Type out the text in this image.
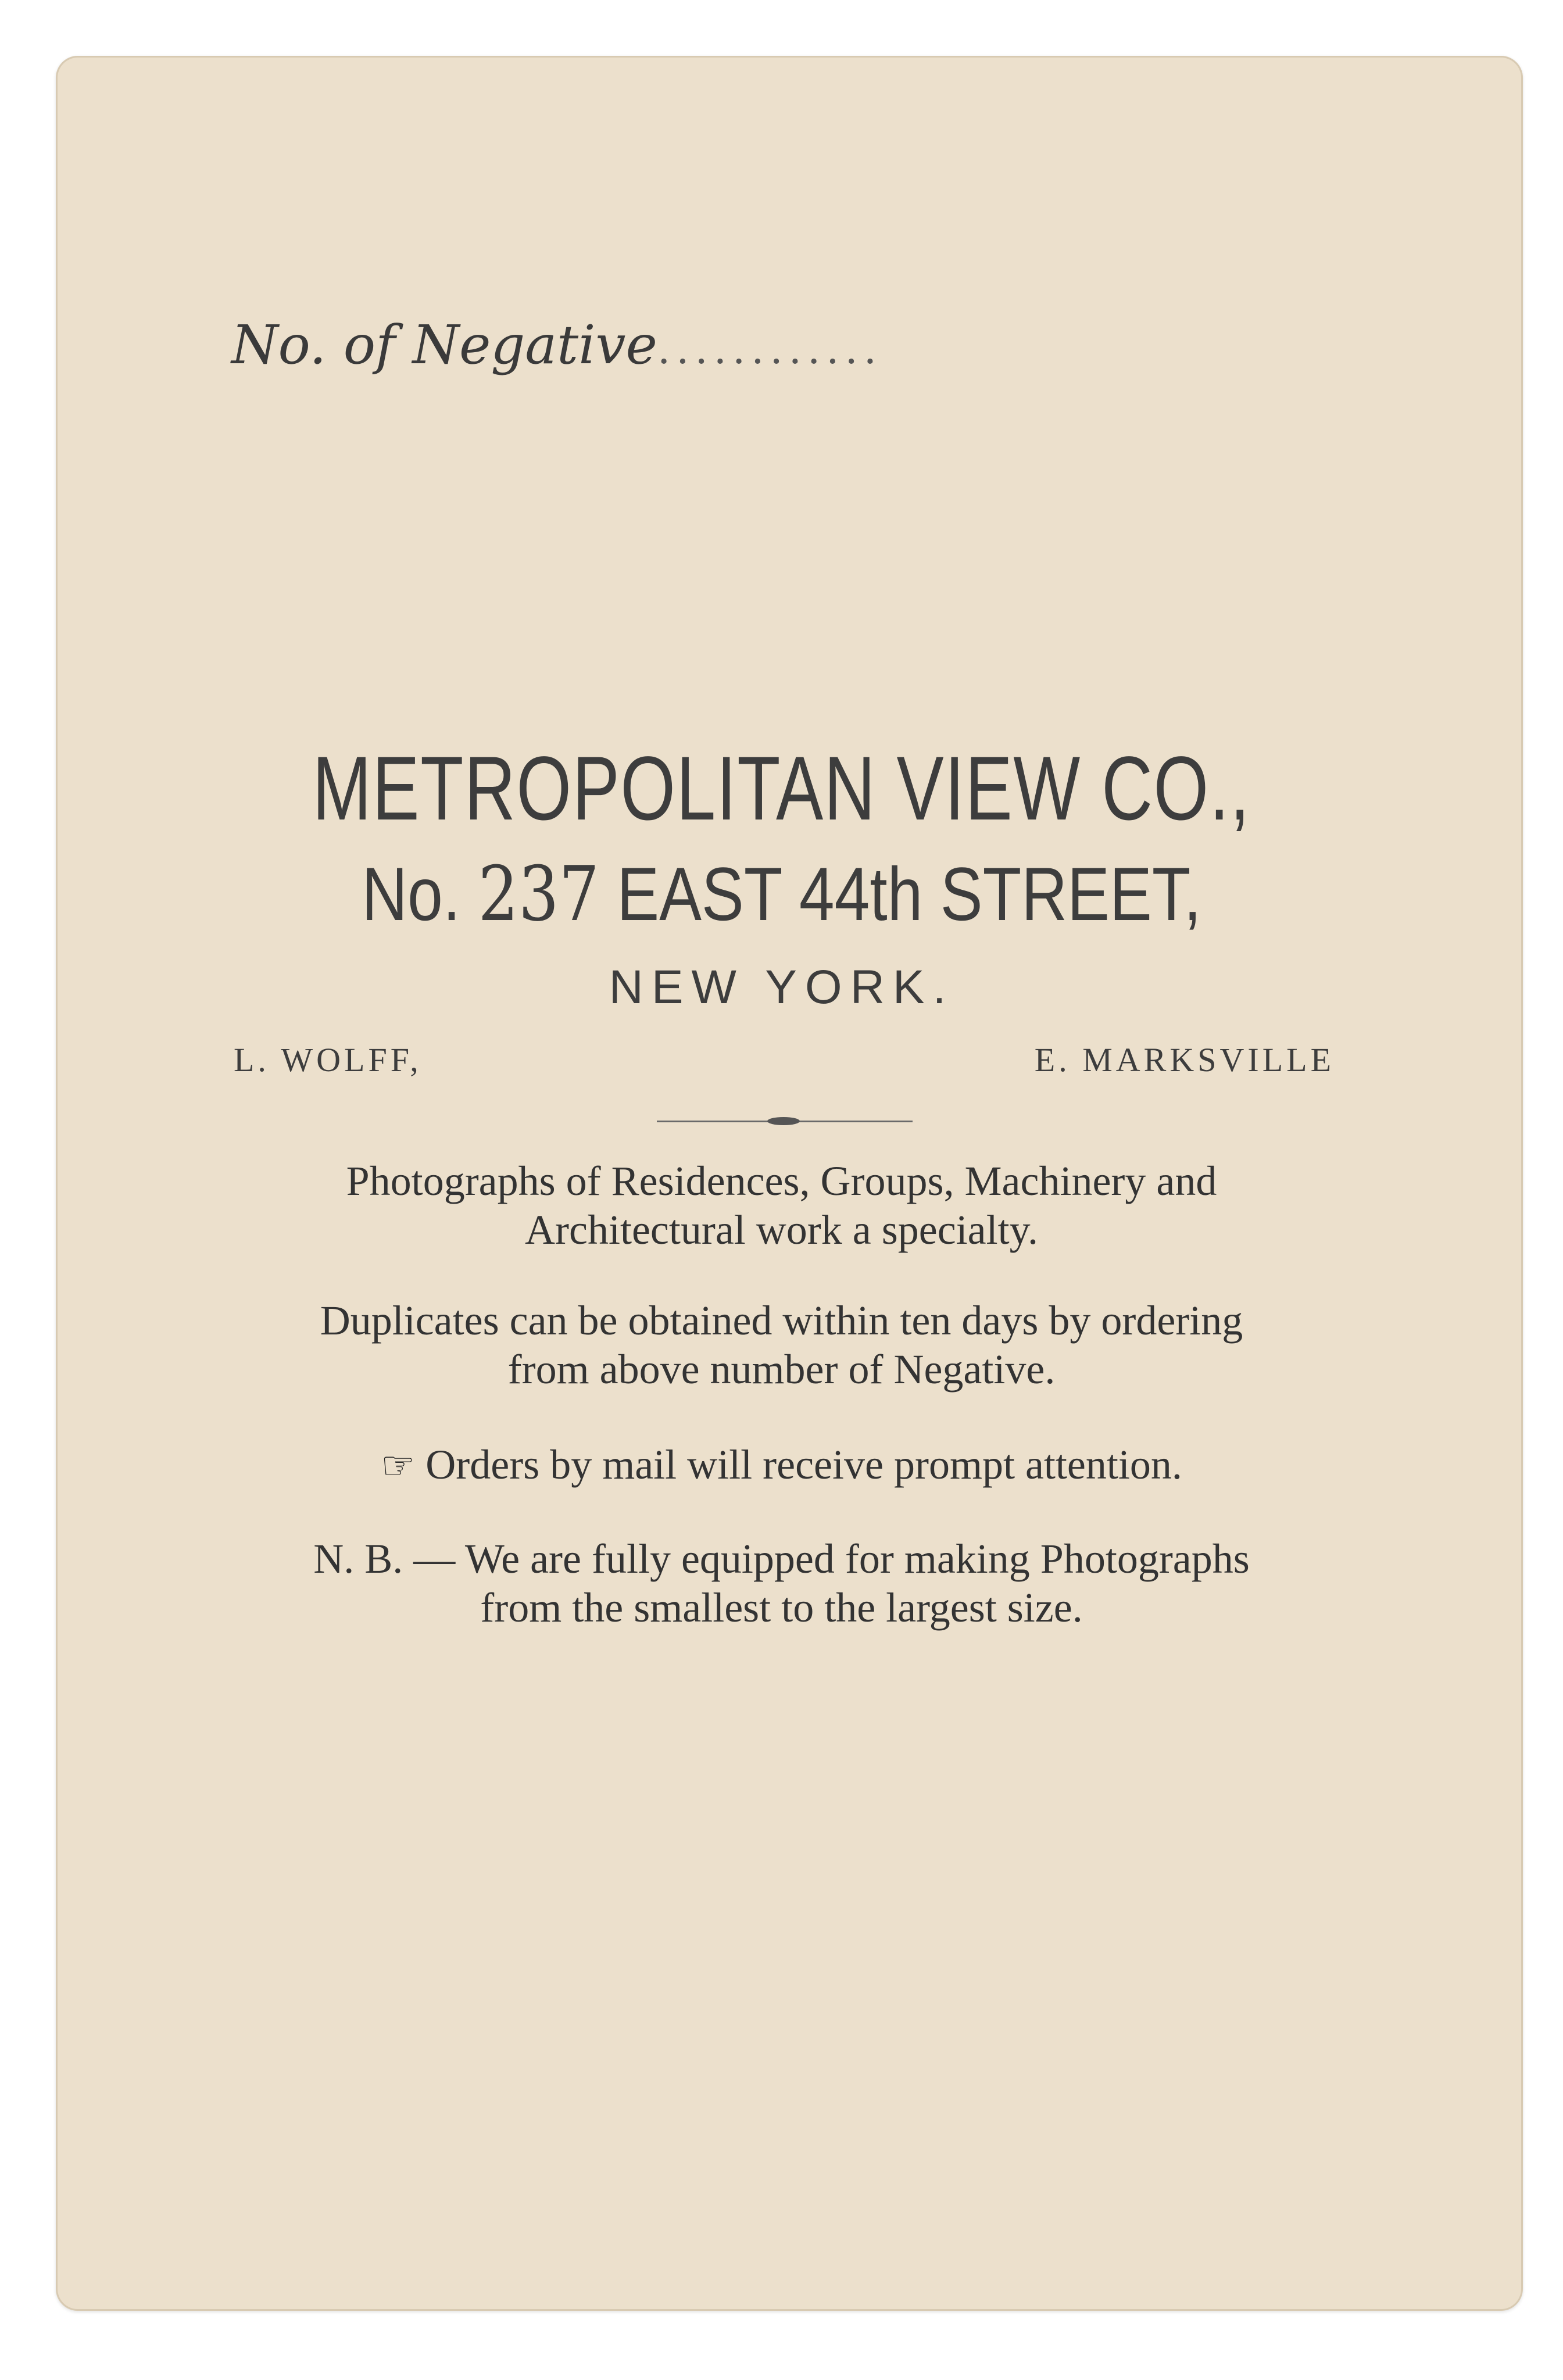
No. of Negative............
METROPOLITAN VIEW CO.,
No. 237 EAST 44th STREET,
NEW YORK.
L. WOLFF,	E. MARKSVILLE
Photographs of Residences, Groups, Machinery and
Architectural work a specialty.
Duplicates can be obtained within ten days by ordering
from above number of Negative.
☞ Orders by mail will receive prompt attention.
N. B. — We are fully equipped for making Photographs
from the smallest to the largest size.
